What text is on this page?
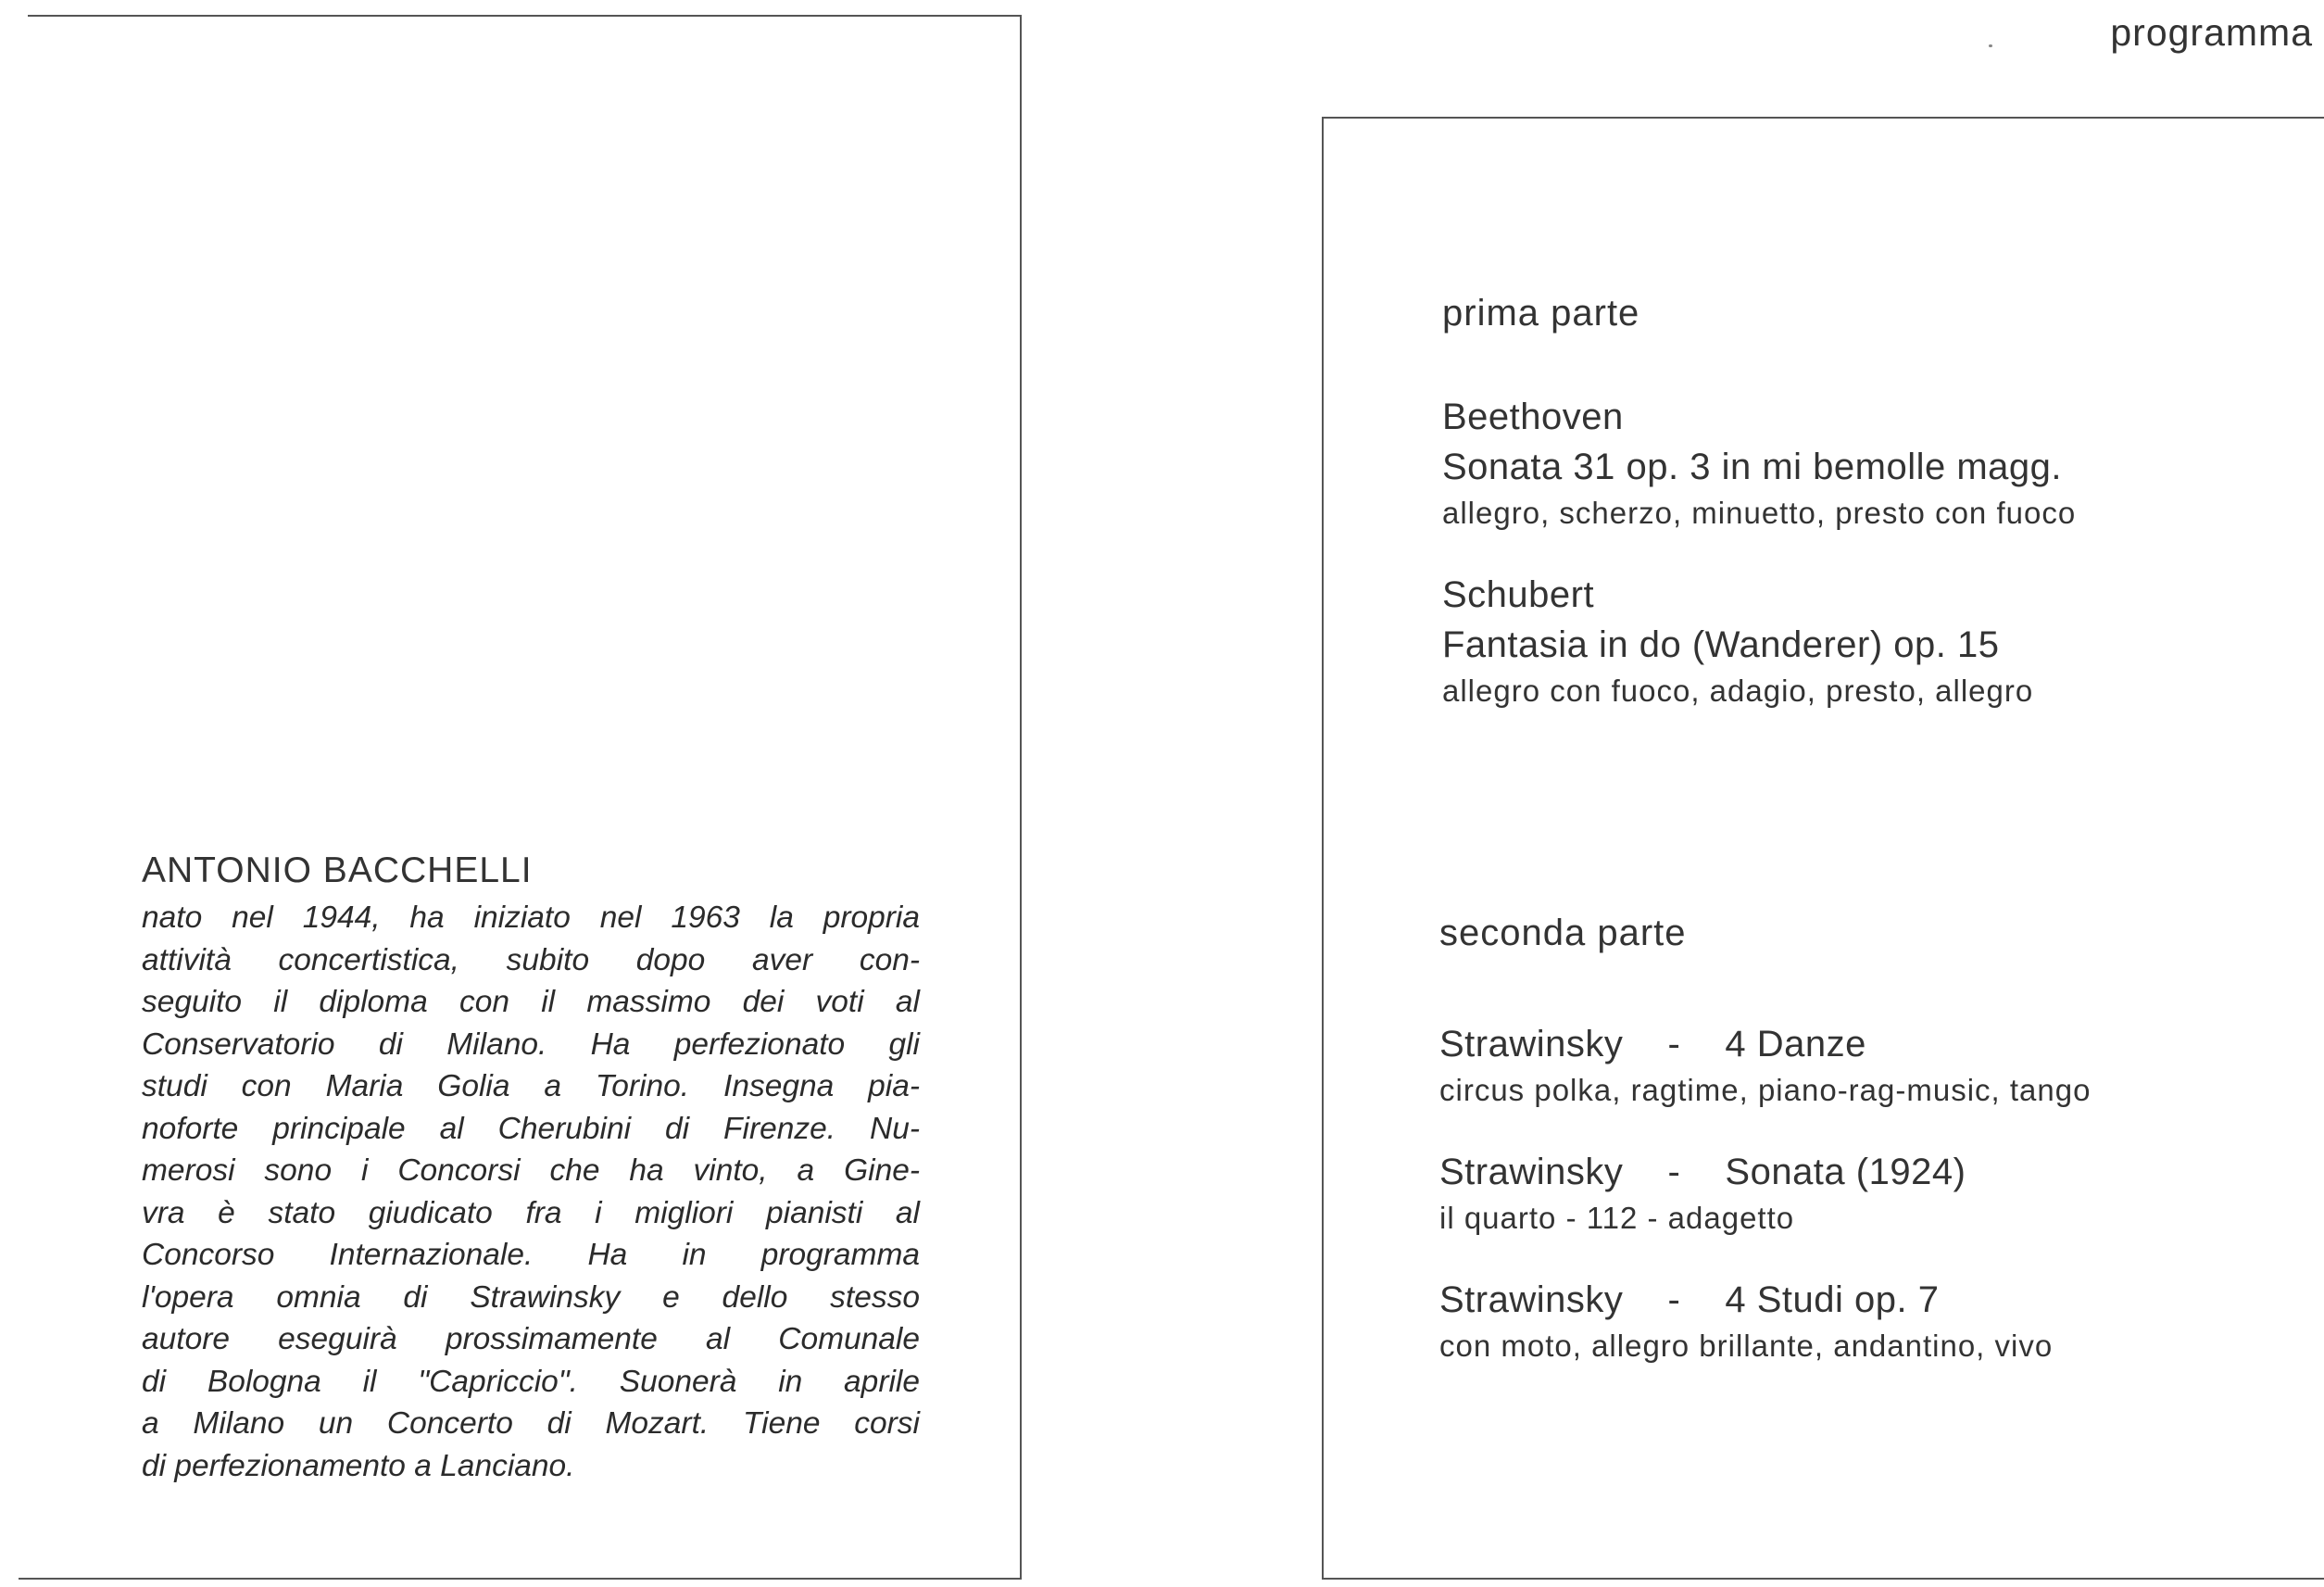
ANTONIO BACCHELLI

nato nel 1944, ha iniziato nel 1963 la propria
attività concertistica, subito dopo aver con-
seguito il diploma con il massimo dei voti al
Conservatorio di Milano. Ha perfezionato gli
studi con Maria Golia a Torino. Insegna pia-
noforte principale al Cherubini di Firenze. Nu-
merosi sono i Concorsi che ha vinto, a Gine-
vra è stato giudicato fra i migliori pianisti al
Concorso Internazionale. Ha in programma
l'opera omnia di Strawinsky e dello stesso
autore eseguirà prossimamente al Comunale
di Bologna il "Capriccio". Suonerà in aprile
a Milano un Concerto di Mozart. Tiene corsi
di perfezionamento a Lanciano.

programma
prima parte
Beethoven
Sonata 31 op. 3 in mi bemolle magg.
allegro, scherzo, minuetto, presto con fuoco
Schubert
Fantasia in do (Wanderer) op. 15
allegro con fuoco, adagio, presto, allegro
seconda parte
Strawinsky - 4 Danze
circus polka, ragtime, piano-rag-music, tango
Strawinsky - Sonata (1924)
il quarto - 112 - adagetto
Strawinsky - 4 Studi op. 7
con moto, allegro brillante, andantino, vivo
